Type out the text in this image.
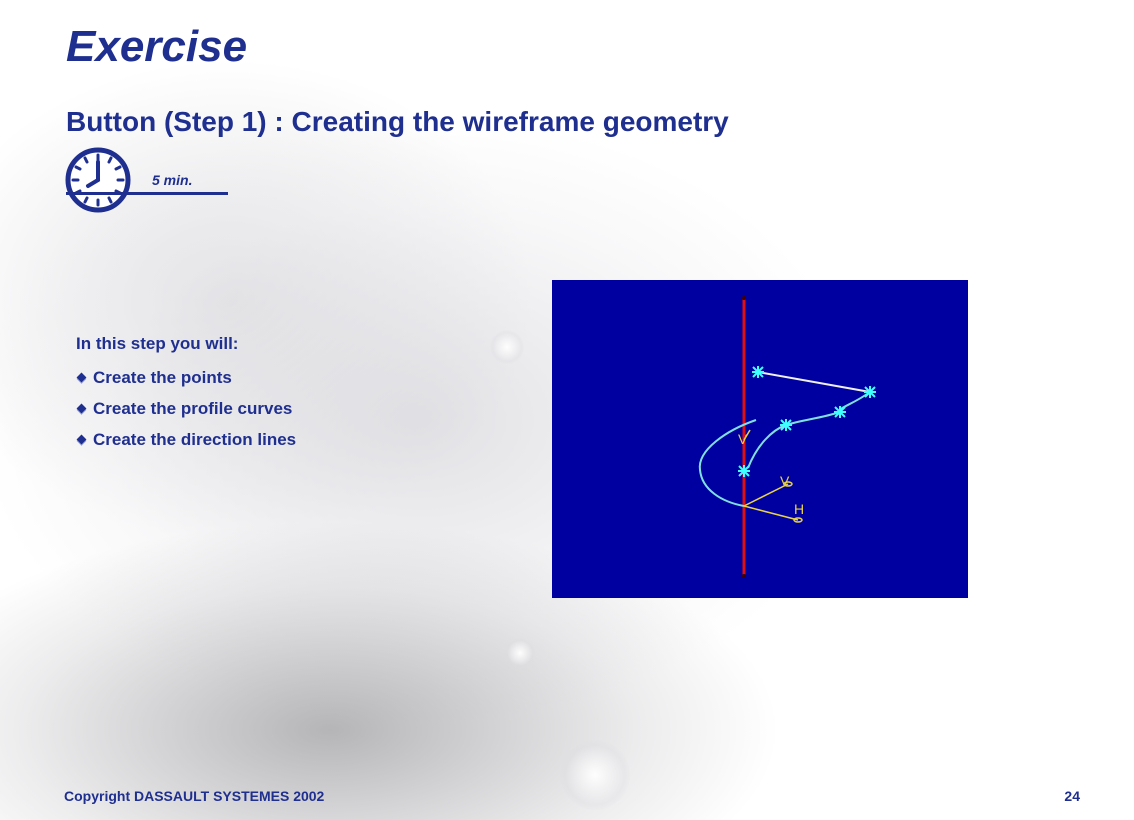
Exercise
Button (Step 1) : Creating the wireframe geometry
5 min.

In this step you will:

Create the points
Create the profile curves
Create the direction lines	V
V
H
Copyright DASSAULT SYSTEMES 2002	24
